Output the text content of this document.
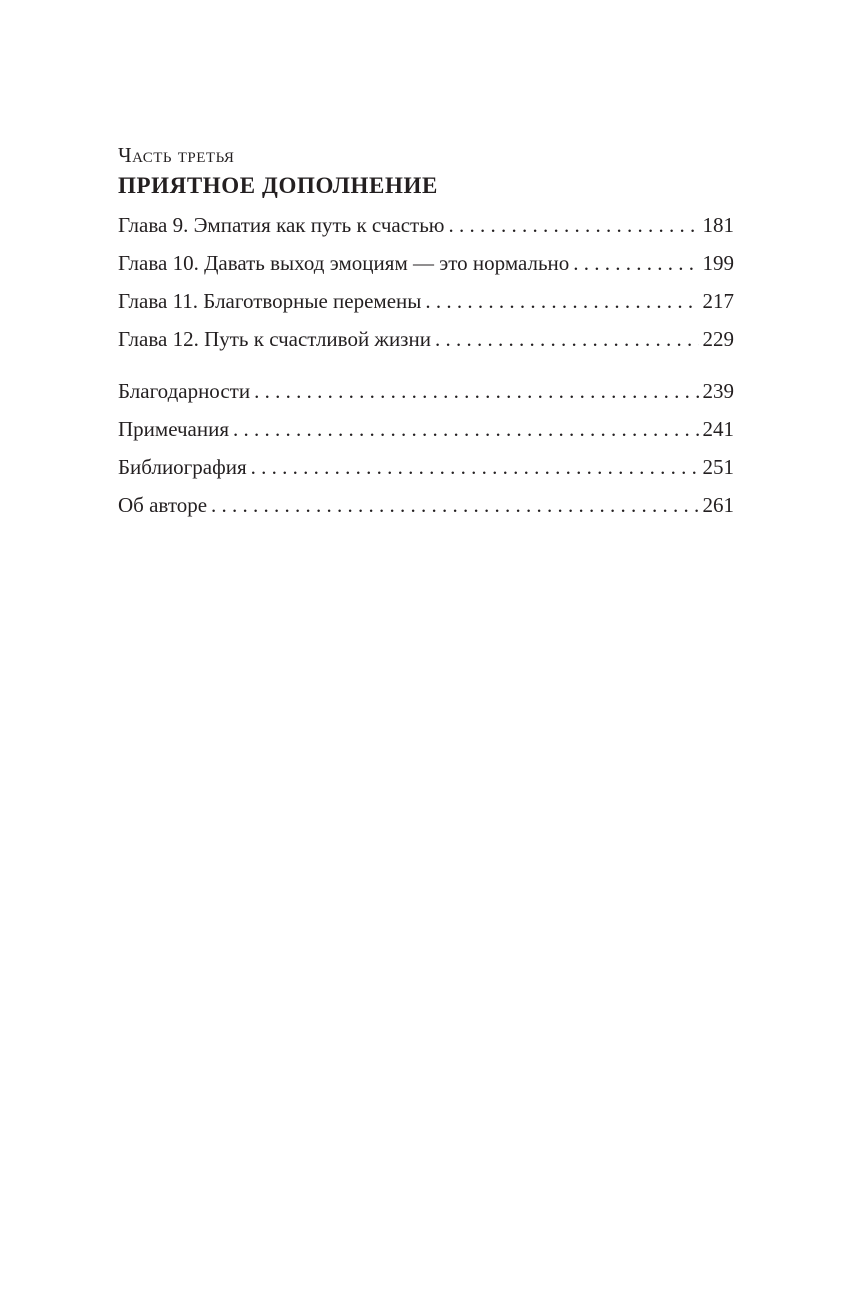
Часть третья

ПРИЯТНОЕ ДОПОЛНЕНИЕ

Глава 9. Эмпатия как путь к счастью . . .	181
Глава 10. Давать выход эмоциям — это нормально . . .	199
Глава 11. Благотворные перемены . . .	217
Глава 12. Путь к счастливой жизни . . .	229
Благодарности . . .	239
Примечания . . .	241
Библиография . . .	251
Об авторе . . .	261
